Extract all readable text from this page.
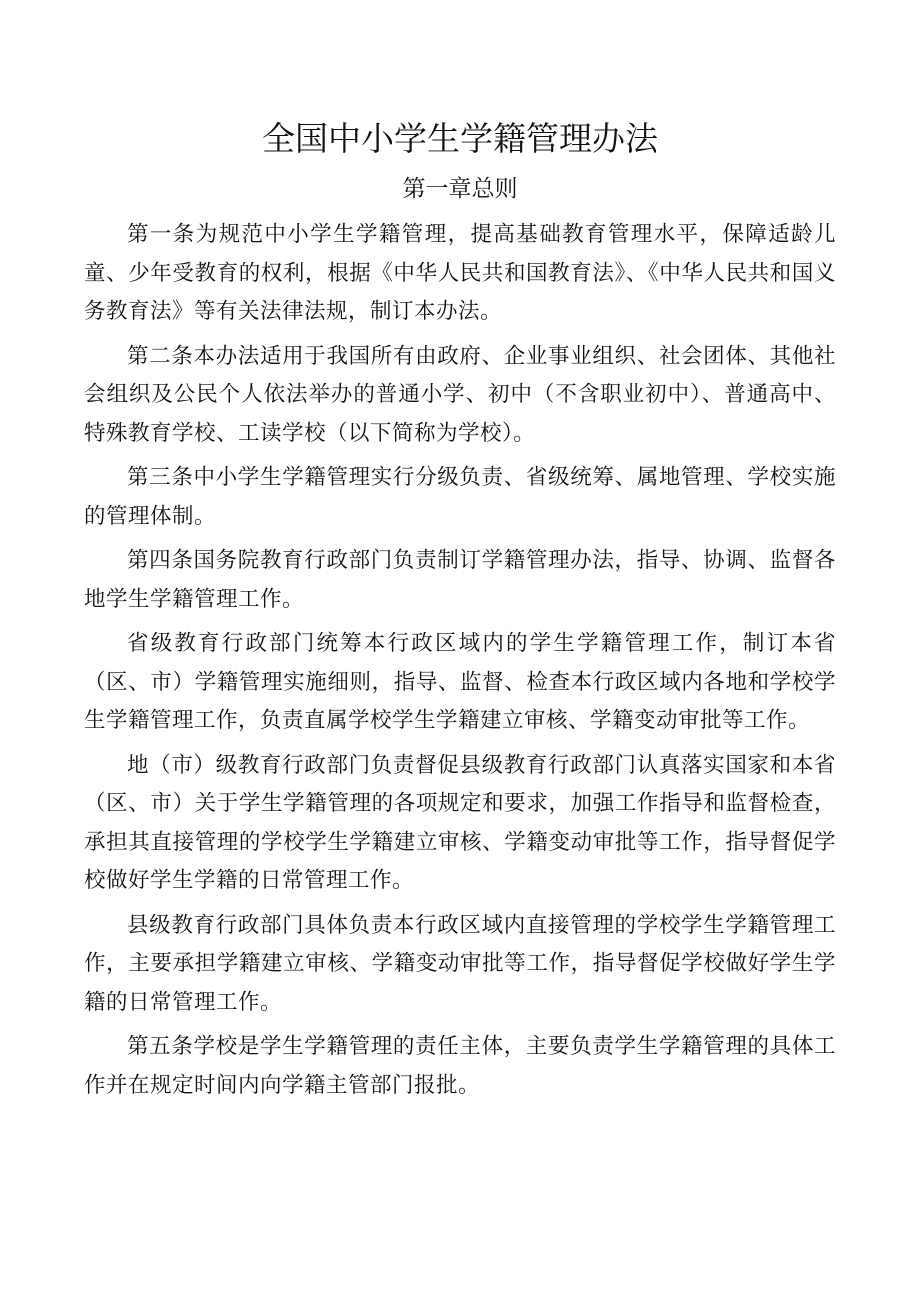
全国中小学生学籍管理办法
第一章总则

第一条为规范中小学生学籍管理，提高基础教育管理水平，保障适龄儿童、少年受教育的权利，根据《中华人民共和国教育法》、《中华人民共和国义务教育法》等有关法律法规，制订本办法。

第二条本办法适用于我国所有由政府、企业事业组织、社会团体、其他社会组织及公民个人依法举办的普通小学、初中（不含职业初中）、普通高中、特殊教育学校、工读学校（以下简称为学校）。

第三条中小学生学籍管理实行分级负责、省级统筹、属地管理、学校实施的管理体制。

第四条国务院教育行政部门负责制订学籍管理办法，指导、协调、监督各地学生学籍管理工作。

省级教育行政部门统筹本行政区域内的学生学籍管理工作，制订本省（区、市）学籍管理实施细则，指导、监督、检查本行政区域内各地和学校学生学籍管理工作，负责直属学校学生学籍建立审核、学籍变动审批等工作。

地（市）级教育行政部门负责督促县级教育行政部门认真落实国家和本省（区、市）关于学生学籍管理的各项规定和要求，加强工作指导和监督检查，承担其直接管理的学校学生学籍建立审核、学籍变动审批等工作，指导督促学校做好学生学籍的日常管理工作。

县级教育行政部门具体负责本行政区域内直接管理的学校学生学籍管理工作，主要承担学籍建立审核、学籍变动审批等工作，指导督促学校做好学生学籍的日常管理工作。

第五条学校是学生学籍管理的责任主体，主要负责学生学籍管理的具体工作并在规定时间内向学籍主管部门报批。
